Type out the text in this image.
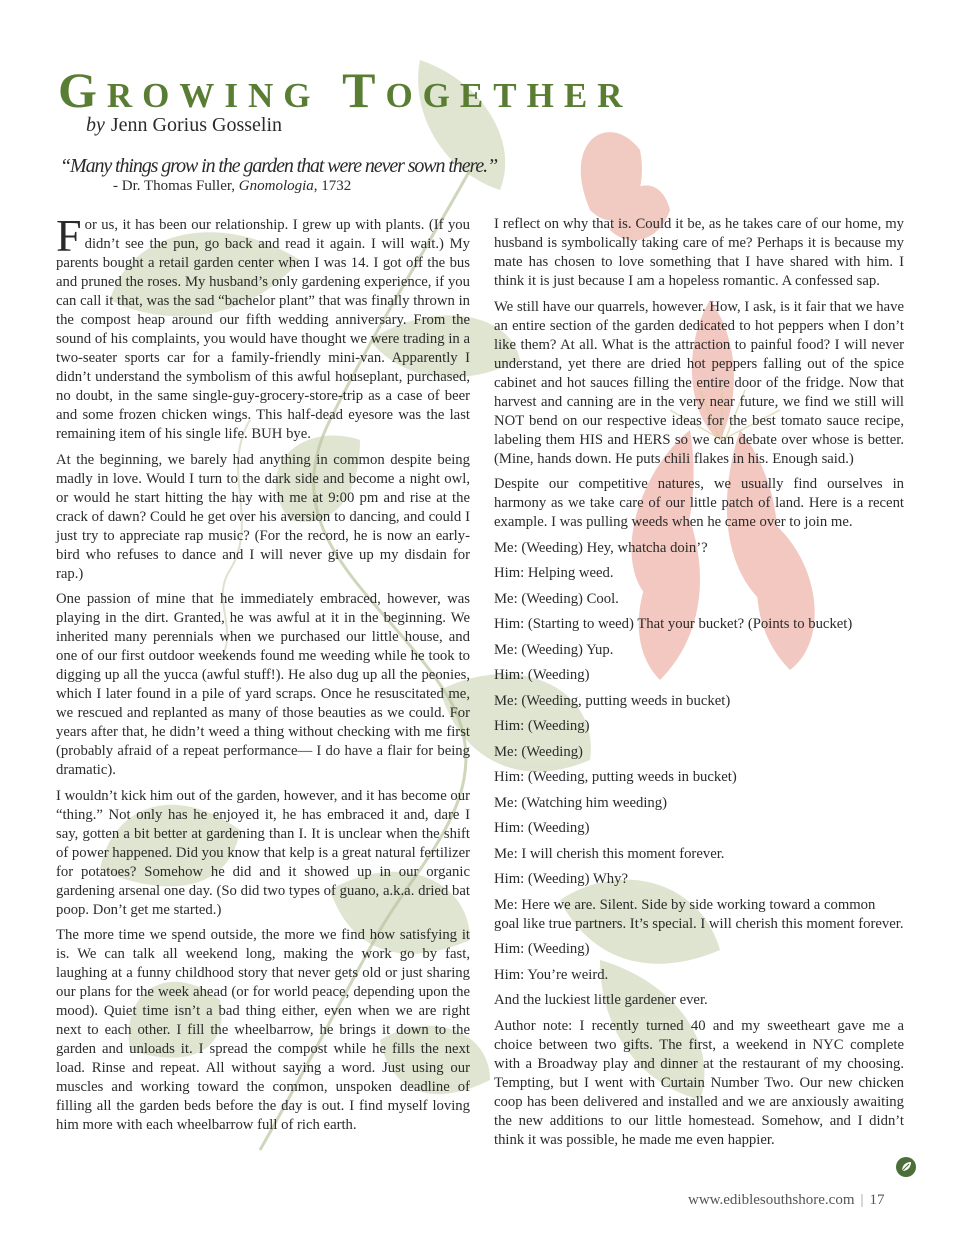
Growing Together
by Jenn Gorius Gosselin
“Many things grow in the garden that were never sown there.”
- Dr. Thomas Fuller, Gnomologia, 1732

For us, it has been our relationship. I grew up with plants. (If you didn’t see the pun, go back and read it again. I will wait.) My parents bought a retail garden center when I was 14. I got off the bus and pruned the roses. My husband’s only gardening experience, if you can call it that, was the sad “bachelor plant” that was finally thrown in the compost heap around our fifth wedding anniversary. From the sound of his complaints, you would have thought we were trading in a two-seater sports car for a family-friendly mini-van. Apparently I didn’t understand the symbolism of this awful houseplant, purchased, no doubt, in the same single-guy-grocery-store-trip as a case of beer and some frozen chicken wings. This half-dead eyesore was the last remaining item of his single life. BUH bye.

At the beginning, we barely had anything in common despite being madly in love. Would I turn to the dark side and become a night owl, or would he start hitting the hay with me at 9:00 pm and rise at the crack of dawn? Could he get over his aversion to dancing, and could I just try to appreciate rap music? (For the record, he is now an early-bird who refuses to dance and I will never give up my disdain for rap.)

One passion of mine that he immediately embraced, however, was playing in the dirt. Granted, he was awful at it in the beginning. We inherited many perennials when we purchased our little house, and one of our first outdoor weekends found me weeding while he took to digging up all the yucca (awful stuff!). He also dug up all the peonies, which I later found in a pile of yard scraps. Once he resuscitated me, we rescued and replanted as many of those beauties as we could. For years after that, he didn’t weed a thing without checking with me first (probably afraid of a repeat performance— I do have a flair for being dramatic).

I wouldn’t kick him out of the garden, however, and it has become our “thing.” Not only has he enjoyed it, he has embraced it and, dare I say, gotten a bit better at gardening than I. It is unclear when the shift of power happened. Did you know that kelp is a great natural fertilizer for potatoes? Somehow he did and it showed up in our organic gardening arsenal one day. (So did two types of guano, a.k.a. dried bat poop. Don’t get me started.)

The more time we spend outside, the more we find how satisfying it is. We can talk all weekend long, making the work go by fast, laughing at a funny childhood story that never gets old or just sharing our plans for the week ahead (or for world peace, depending upon the mood). Quiet time isn’t a bad thing either, even when we are right next to each other. I fill the wheelbarrow, he brings it down to the garden and unloads it. I spread the compost while he fills the next load. Rinse and repeat. All without saying a word. Just using our muscles and working toward the common, unspoken deadline of filling all the garden beds before the day is out. I find myself loving him more with each wheelbarrow full of rich earth.

I reflect on why that is. Could it be, as he takes care of our home, my husband is symbolically taking care of me? Perhaps it is because my mate has chosen to love something that I have shared with him. I think it is just because I am a hopeless romantic. A confessed sap.

We still have our quarrels, however. How, I ask, is it fair that we have an entire section of the garden dedicated to hot peppers when I don’t like them? At all. What is the attraction to painful food? I will never understand, yet there are dried hot peppers falling out of the spice cabinet and hot sauces filling the entire door of the fridge. Now that harvest and canning are in the very near future, we find we still will NOT bend on our respective ideas for the best tomato sauce recipe, labeling them HIS and HERS so we can debate over whose is better. (Mine, hands down. He puts chili flakes in his. Enough said.)

Despite our competitive natures, we usually find ourselves in harmony as we take care of our little patch of land. Here is a recent example. I was pulling weeds when he came over to join me.

Me: (Weeding) Hey, whatcha doin’?

Him: Helping weed.

Me: (Weeding) Cool.

Him: (Starting to weed) That your bucket? (Points to bucket)

Me: (Weeding) Yup.

Him: (Weeding)

Me: (Weeding, putting weeds in bucket)

Him: (Weeding)

Me: (Weeding)

Him: (Weeding, putting weeds in bucket)

Me: (Watching him weeding)

Him: (Weeding)

Me: I will cherish this moment forever.

Him: (Weeding) Why?

Me: Here we are. Silent. Side by side working toward a common goal like true partners. It’s special. I will cherish this moment forever.

Him: (Weeding)

Him: You’re weird.

And the luckiest little gardener ever.

Author note: I recently turned 40 and my sweetheart gave me a choice between two gifts. The first, a weekend in NYC complete with a Broadway play and dinner at the restaurant of my choosing. Tempting, but I went with Curtain Number Two. Our new chicken coop has been delivered and installed and we are anxiously awaiting the new additions to our little homestead. Somehow, and I didn’t think it was possible, he made me even happier.

www.ediblesouthshore.com | 17
